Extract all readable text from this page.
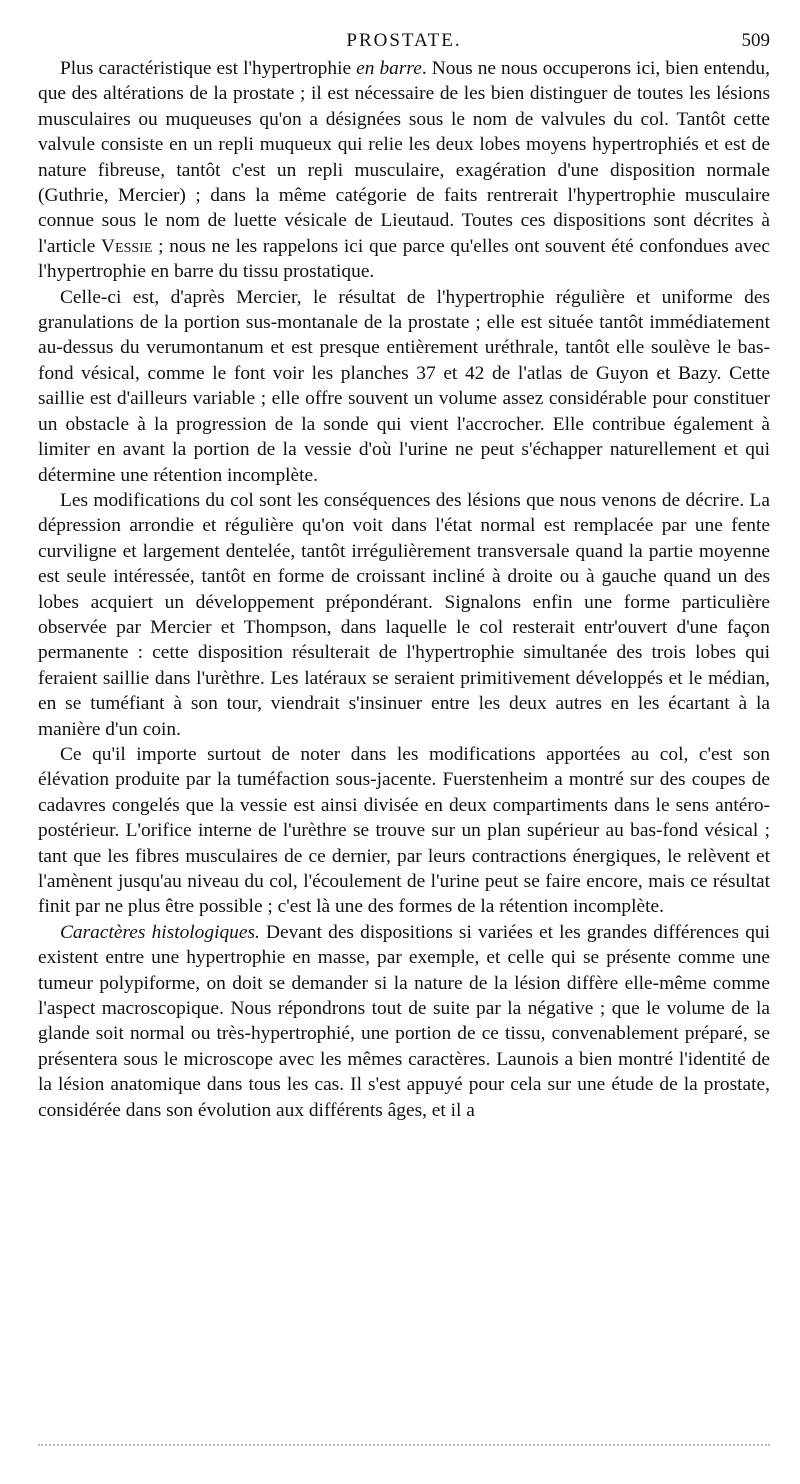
PROSTATE.	509

Plus caractéristique est l'hypertrophie en barre. Nous ne nous occuperons ici, bien entendu, que des altérations de la prostate ; il est nécessaire de les bien distinguer de toutes les lésions musculaires ou muqueuses qu'on a désignées sous le nom de valvules du col. Tantôt cette valvule consiste en un repli muqueux qui relie les deux lobes moyens hypertrophiés et est de nature fibreuse, tantôt c'est un repli musculaire, exagération d'une disposition normale (Guthrie, Mercier) ; dans la même catégorie de faits rentrerait l'hypertrophie musculaire connue sous le nom de luette vésicale de Lieutaud. Toutes ces dispositions sont décrites à l'article Vessie ; nous ne les rappelons ici que parce qu'elles ont souvent été confondues avec l'hypertrophie en barre du tissu prostatique.

Celle-ci est, d'après Mercier, le résultat de l'hypertrophie régulière et uniforme des granulations de la portion sus-montanale de la prostate ; elle est située tantôt immédiatement au-dessus du verumontanum et est presque entièrement uréthrale, tantôt elle soulève le bas-fond vésical, comme le font voir les planches 37 et 42 de l'atlas de Guyon et Bazy. Cette saillie est d'ailleurs variable ; elle offre souvent un volume assez considérable pour constituer un obstacle à la progression de la sonde qui vient l'accrocher. Elle contribue également à limiter en avant la portion de la vessie d'où l'urine ne peut s'échapper naturellement et qui détermine une rétention incomplète.

Les modifications du col sont les conséquences des lésions que nous venons de décrire. La dépression arrondie et régulière qu'on voit dans l'état normal est remplacée par une fente curviligne et largement dentelée, tantôt irrégulièrement transversale quand la partie moyenne est seule intéressée, tantôt en forme de croissant incliné à droite ou à gauche quand un des lobes acquiert un développement prépondérant. Signalons enfin une forme particulière observée par Mercier et Thompson, dans laquelle le col resterait entr'ouvert d'une façon permanente : cette disposition résulterait de l'hypertrophie simultanée des trois lobes qui feraient saillie dans l'urèthre. Les latéraux se seraient primitivement développés et le médian, en se tuméfiant à son tour, viendrait s'insinuer entre les deux autres en les écartant à la manière d'un coin.

Ce qu'il importe surtout de noter dans les modifications apportées au col, c'est son élévation produite par la tuméfaction sous-jacente. Fuerstenheim a montré sur des coupes de cadavres congelés que la vessie est ainsi divisée en deux compartiments dans le sens antéro-postérieur. L'orifice interne de l'urèthre se trouve sur un plan supérieur au bas-fond vésical ; tant que les fibres musculaires de ce dernier, par leurs contractions énergiques, le relèvent et l'amènent jusqu'au niveau du col, l'écoulement de l'urine peut se faire encore, mais ce résultat finit par ne plus être possible ; c'est là une des formes de la rétention incomplète.

Caractères histologiques. Devant des dispositions si variées et les grandes différences qui existent entre une hypertrophie en masse, par exemple, et celle qui se présente comme une tumeur polypiforme, on doit se demander si la nature de la lésion diffère elle-même comme l'aspect macroscopique. Nous répondrons tout de suite par la négative ; que le volume de la glande soit normal ou très-hypertrophié, une portion de ce tissu, convenablement préparé, se présentera sous le microscope avec les mêmes caractères. Launois a bien montré l'identité de la lésion anatomique dans tous les cas. Il s'est appuyé pour cela sur une étude de la prostate, considérée dans son évolution aux différents âges, et il a
